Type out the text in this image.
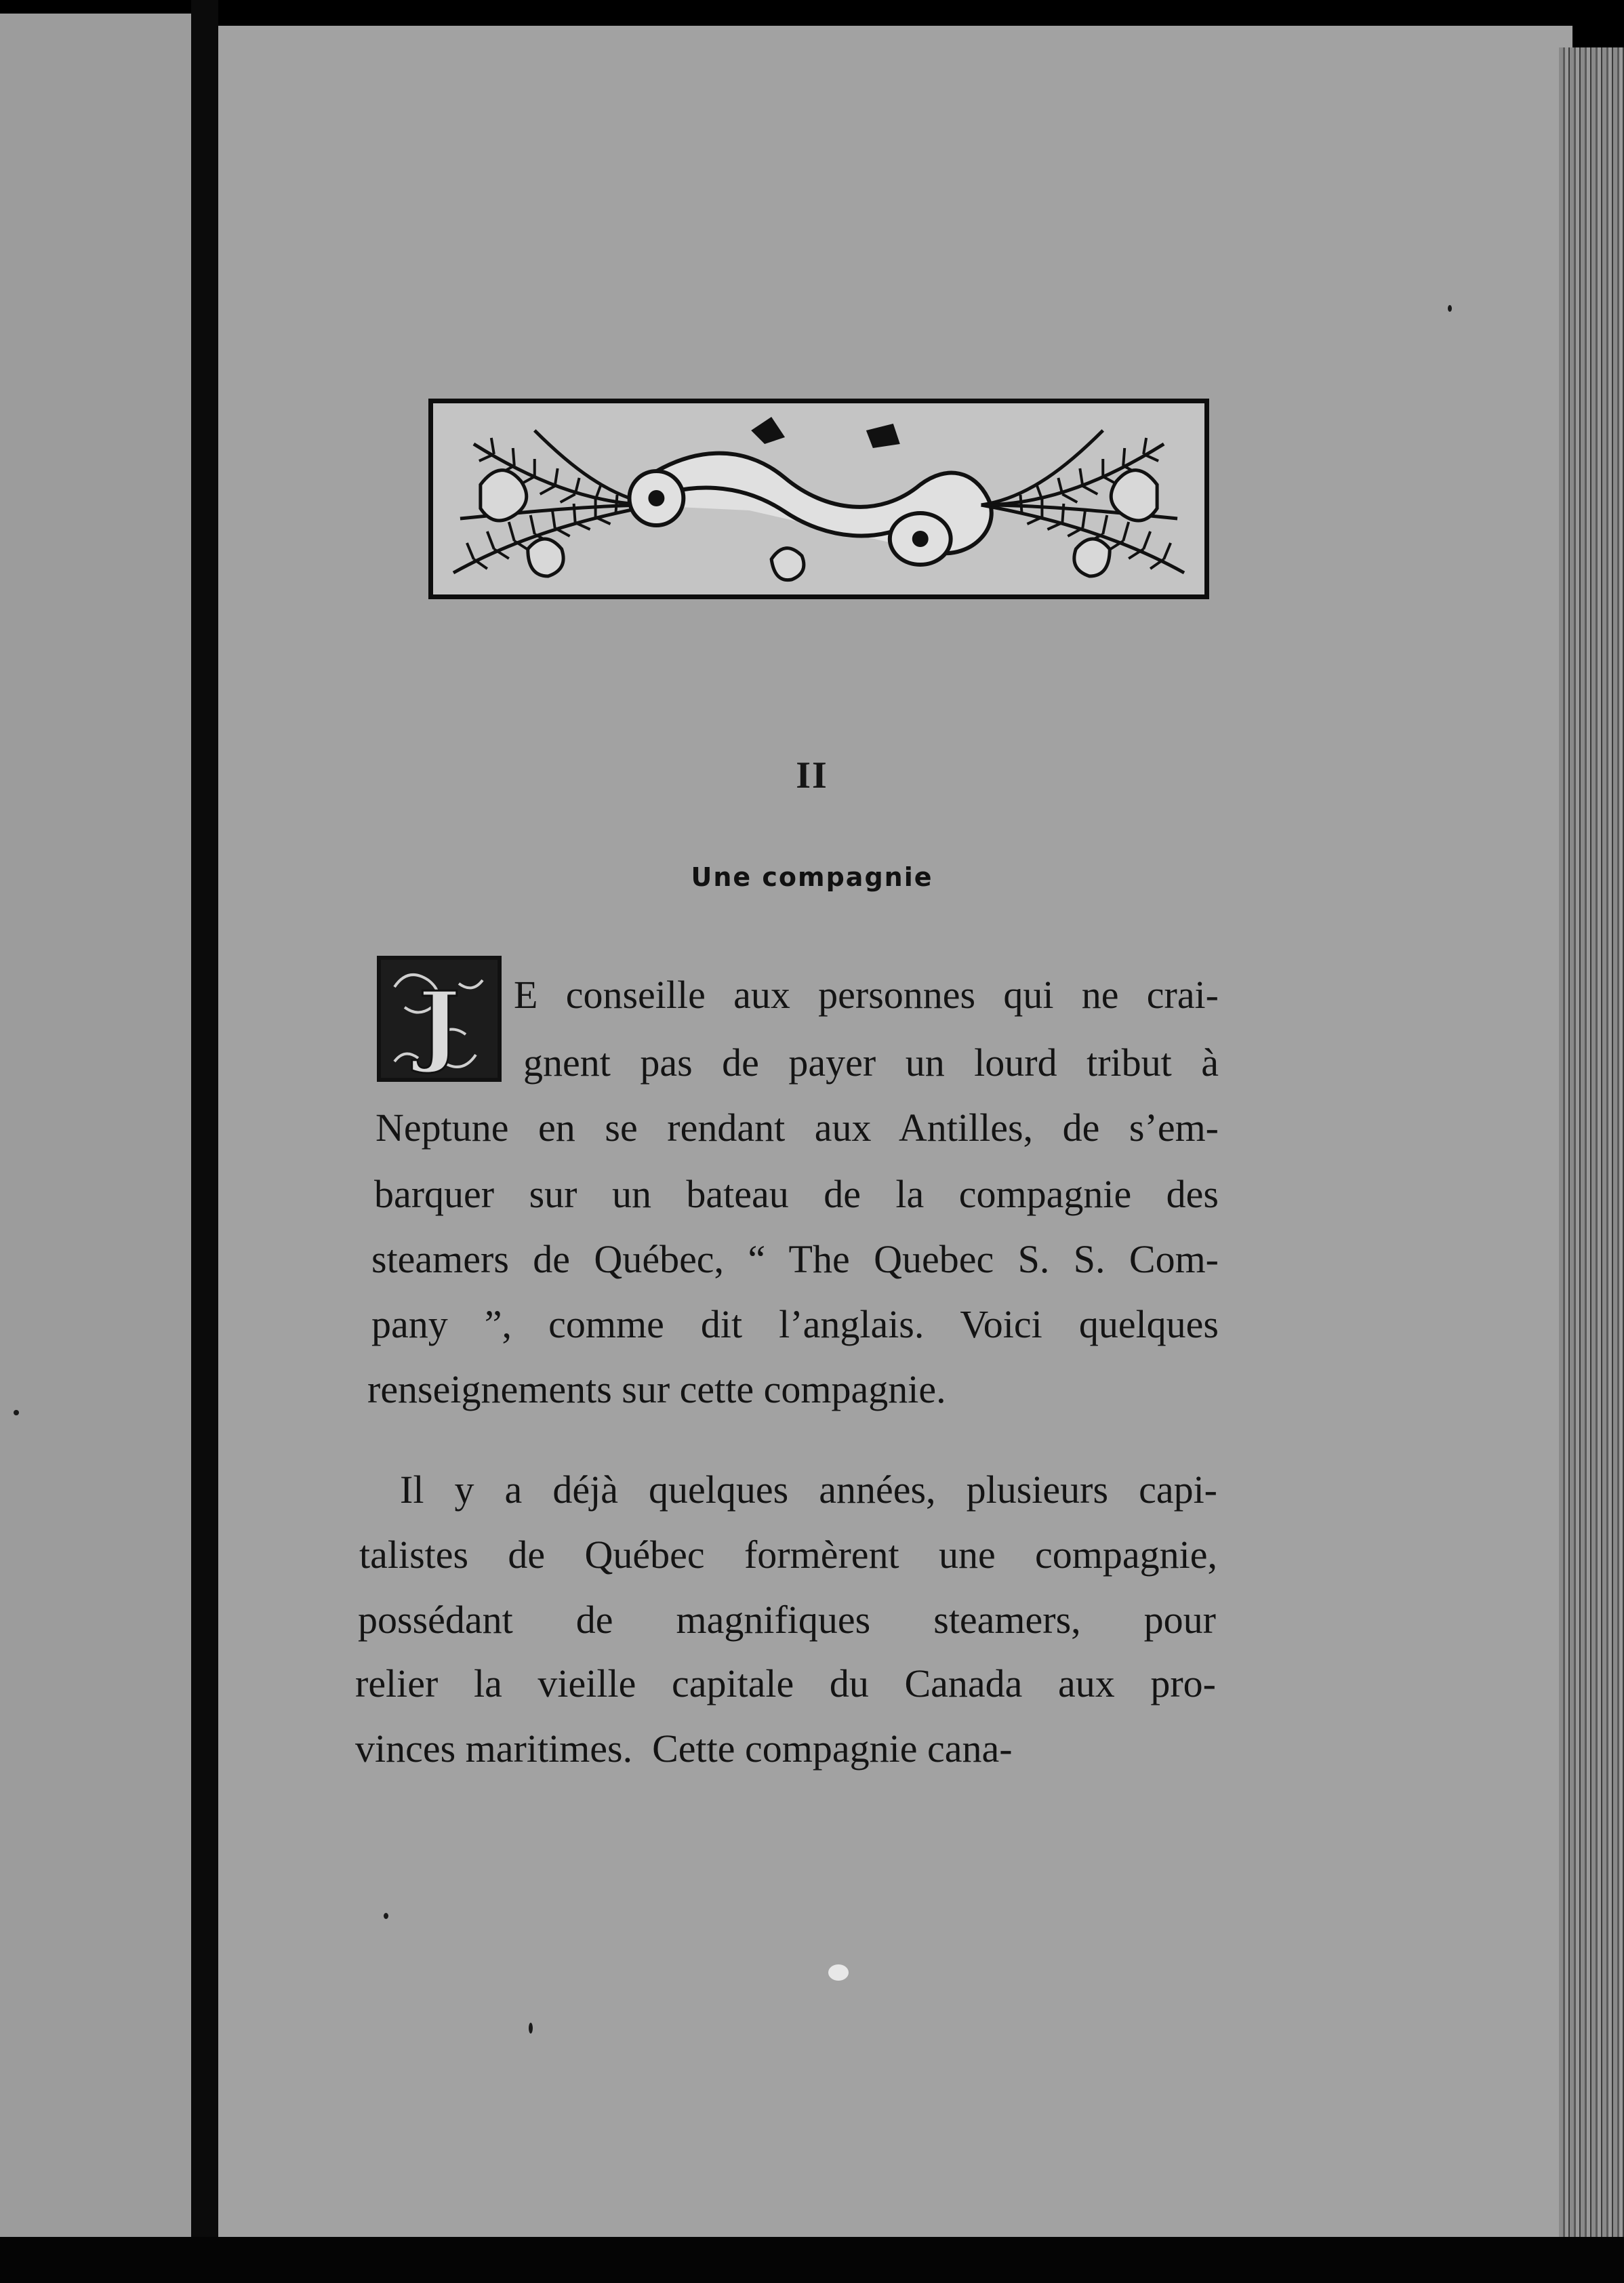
II
Une compagnie
J E conseille aux personnes qui ne crai-
gnent pas de payer un lourd tribut à
Neptune en se rendant aux Antilles, de s’em-
barquer sur un bateau de la compagnie des
steamers de Québec, “ The Quebec S. S. Com-
pany ”, comme dit l’anglais. Voici quelques
renseignements sur cette compagnie.
Il y a déjà quelques années, plusieurs capi-
talistes de Québec formèrent une compagnie,
possédant de magnifiques steamers, pour
relier la vieille capitale du Canada aux pro-
vinces maritimes.  Cette compagnie cana-
